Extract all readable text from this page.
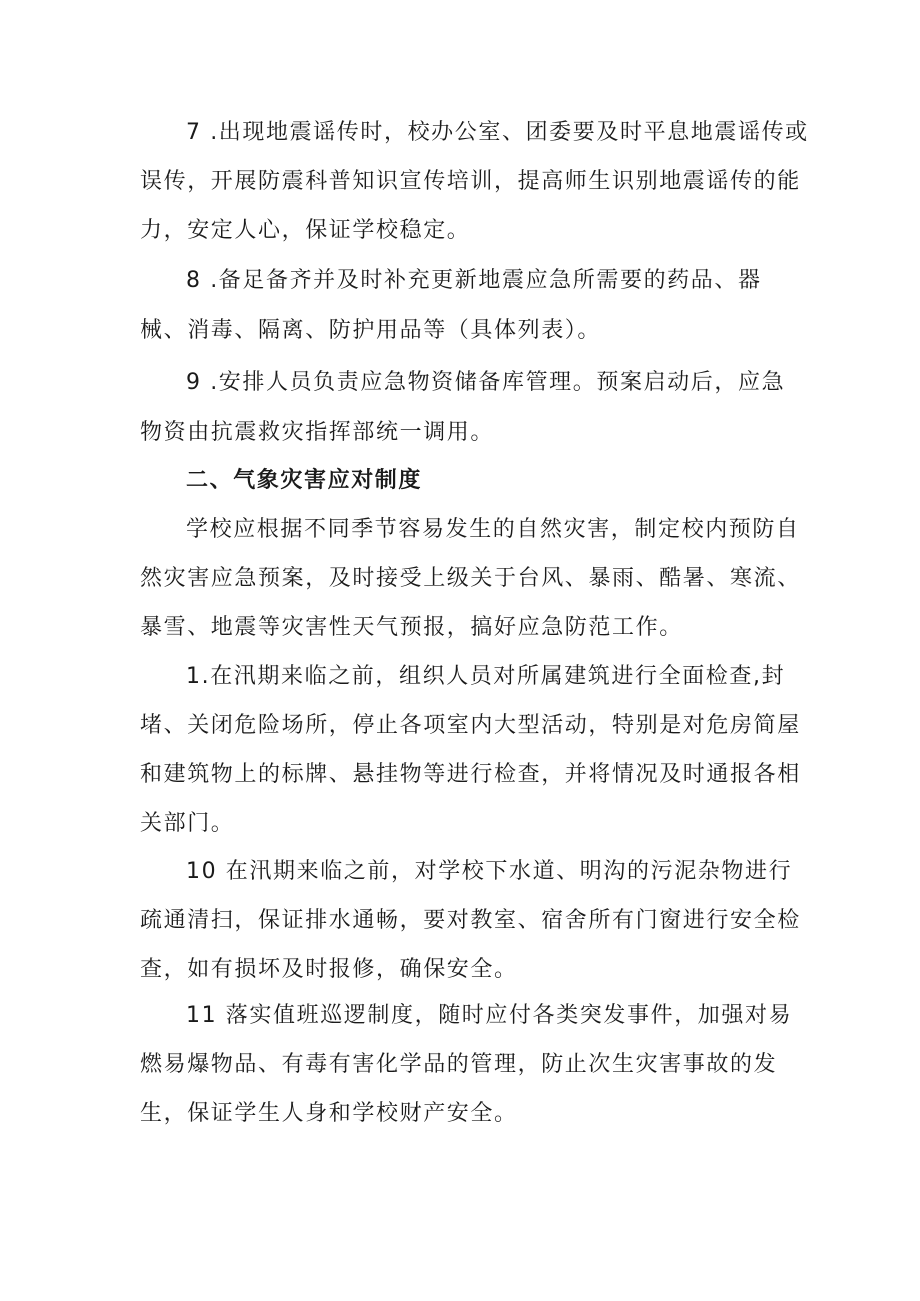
7 .出现地震谣传时，校办公室、团委要及时平息地震谣传或
误传，开展防震科普知识宣传培训，提高师生识别地震谣传的能
力，安定人心，保证学校稳定。
8 .备足备齐并及时补充更新地震应急所需要的药品、器
械、消毒、隔离、防护用品等（具体列表）。
9 .安排人员负责应急物资储备库管理。预案启动后，应急
物资由抗震救灾指挥部统一调用。
二、气象灾害应对制度
学校应根据不同季节容易发生的自然灾害，制定校内预防自
然灾害应急预案，及时接受上级关于台风、暴雨、酷暑、寒流、
暴雪、地震等灾害性天气预报，搞好应急防范工作。
1.在汛期来临之前，组织人员对所属建筑进行全面检查,封
堵、关闭危险场所，停止各项室内大型活动，特别是对危房简屋
和建筑物上的标牌、悬挂物等进行检查，并将情况及时通报各相
关部门。
10 在汛期来临之前，对学校下水道、明沟的污泥杂物进行
疏通清扫，保证排水通畅，要对教室、宿舍所有门窗进行安全检
查，如有损坏及时报修，确保安全。
11 落实值班巡逻制度，随时应付各类突发事件，加强对易
燃易爆物品、有毒有害化学品的管理，防止次生灾害事故的发
生，保证学生人身和学校财产安全。
